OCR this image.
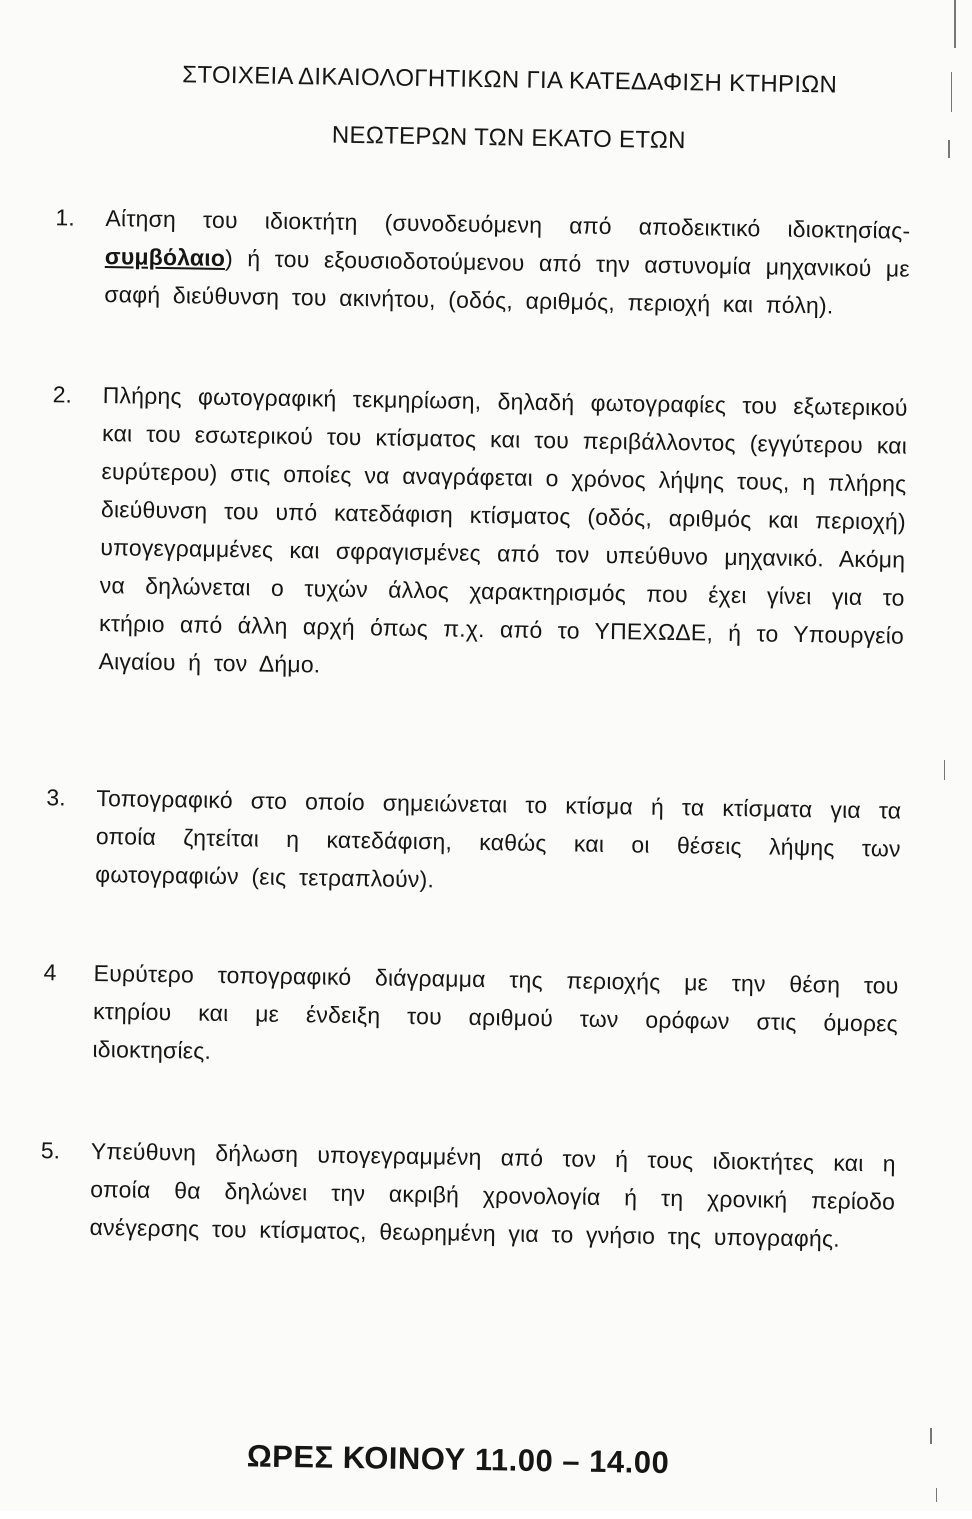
ΣΤΟΙΧΕΙΑ ΔΙΚΑΙΟΛΟΓΗΤΙΚΩΝ ΓΙΑ ΚΑΤΕΔΑΦΙΣΗ ΚΤΗΡΙΩΝ
ΝΕΩΤΕΡΩΝ ΤΩΝ ΕΚΑΤΟ ΕΤΩΝ
1.	Αίτηση του ιδιοκτήτη (συνοδευόμενη από αποδεικτικό ιδιοκτησίας- συμβόλαιο) ή του εξουσιοδοτούμενου από την αστυνομία μηχανικού με σαφή διεύθυνση του ακινήτου, (οδός, αριθμός, περιοχή και πόλη).
2.	Πλήρης φωτογραφική τεκμηρίωση, δηλαδή φωτογραφίες του εξωτερικού και του εσωτερικού του κτίσματος και του περιβάλλοντος (εγγύτερου και ευρύτερου) στις οποίες να αναγράφεται ο χρόνος λήψης τους, η πλήρης διεύθυνση του υπό κατεδάφιση κτίσματος (οδός, αριθμός και περιοχή) υπογεγραμμένες και σφραγισμένες από τον υπεύθυνο μηχανικό. Ακόμη να δηλώνεται ο τυχών άλλος χαρακτηρισμός που έχει γίνει για το κτήριο από άλλη αρχή όπως π.χ. από το ΥΠΕΧΩΔΕ, ή το Υπουργείο Αιγαίου ή τον Δήμο.
3.	Τοπογραφικό στο οποίο σημειώνεται το κτίσμα ή τα κτίσματα για τα οποία ζητείται η κατεδάφιση, καθώς και οι θέσεις λήψης των φωτογραφιών (εις τετραπλούν).
4	Ευρύτερο τοπογραφικό διάγραμμα της περιοχής με την θέση του κτηρίου και με ένδειξη του αριθμού των ορόφων στις όμορες ιδιοκτησίες.
5.	Υπεύθυνη δήλωση υπογεγραμμένη από τον ή τους ιδιοκτήτες και η οποία θα δηλώνει την ακριβή χρονολογία ή τη χρονική περίοδο ανέγερσης του κτίσματος, θεωρημένη για το γνήσιο της υπογραφής.
ΩΡΕΣ ΚΟΙΝΟΥ 11.00 – 14.00
